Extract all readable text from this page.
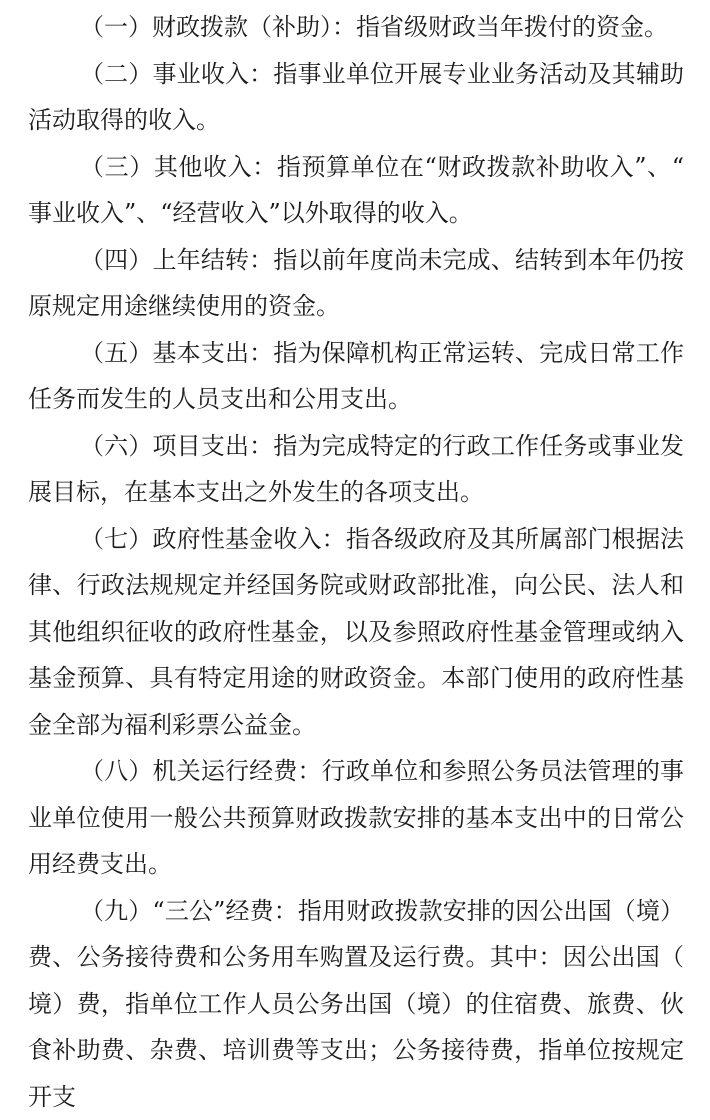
（一）财政拨款（补助）：指省级财政当年拨付的资金。

（二）事业收入：指事业单位开展专业业务活动及其辅助活动取得的收入。

（三）其他收入：指预算单位在“财政拨款补助收入”、“事业收入”、“经营收入”以外取得的收入。

（四）上年结转：指以前年度尚未完成、结转到本年仍按原规定用途继续使用的资金。

（五）基本支出：指为保障机构正常运转、完成日常工作任务而发生的人员支出和公用支出。

（六）项目支出：指为完成特定的行政工作任务或事业发展目标，在基本支出之外发生的各项支出。

（七）政府性基金收入：指各级政府及其所属部门根据法律、行政法规规定并经国务院或财政部批准，向公民、法人和其他组织征收的政府性基金，以及参照政府性基金管理或纳入基金预算、具有特定用途的财政资金。本部门使用的政府性基金全部为福利彩票公益金。

（八）机关运行经费：行政单位和参照公务员法管理的事业单位使用一般公共预算财政拨款安排的基本支出中的日常公用经费支出。

（九）“三公”经费：指用财政拨款安排的因公出国（境）费、公务接待费和公务用车购置及运行费。其中：因公出国（境）费，指单位工作人员公务出国（境）的住宿费、旅费、伙食补助费、杂费、培训费等支出；公务接待费，指单位按规定开支
